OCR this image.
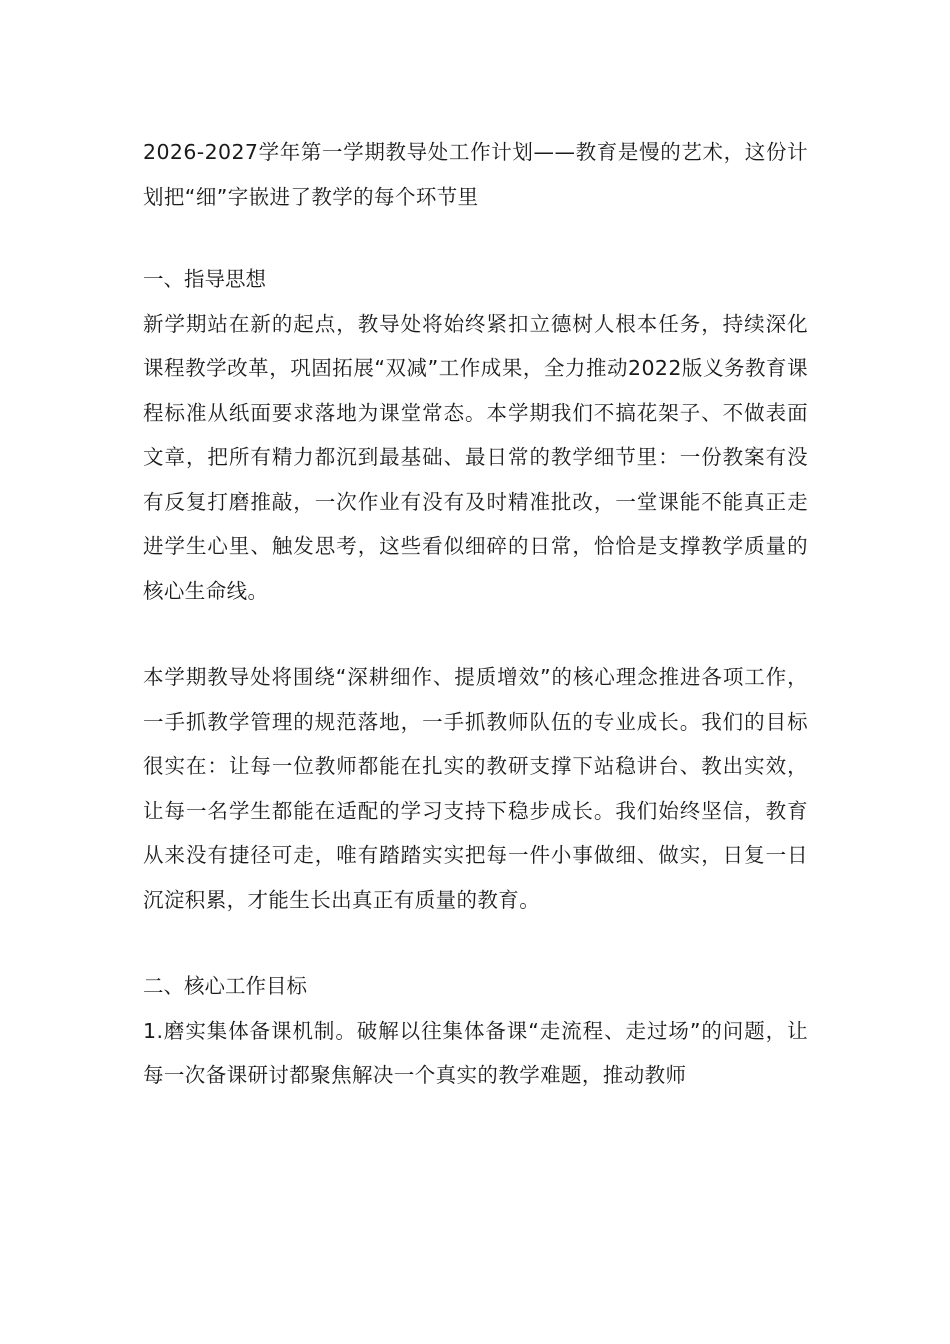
2026-2027学年第一学期教导处工作计划——教育是慢的艺术，这份计划把“细”字嵌进了教学的每个环节里

一、指导思想

新学期站在新的起点，教导处将始终紧扣立德树人根本任务，持续深化课程教学改革，巩固拓展“双减”工作成果，全力推动2022版义务教育课程标准从纸面要求落地为课堂常态。本学期我们不搞花架子、不做表面文章，把所有精力都沉到最基础、最日常的教学细节里：一份教案有没有反复打磨推敲，一次作业有没有及时精准批改，一堂课能不能真正走进学生心里、触发思考，这些看似细碎的日常，恰恰是支撑教学质量的核心生命线。

本学期教导处将围绕“深耕细作、提质增效”的核心理念推进各项工作，一手抓教学管理的规范落地，一手抓教师队伍的专业成长。我们的目标很实在：让每一位教师都能在扎实的教研支撑下站稳讲台、教出实效，让每一名学生都能在适配的学习支持下稳步成长。我们始终坚信，教育从来没有捷径可走，唯有踏踏实实把每一件小事做细、做实，日复一日沉淀积累，才能生长出真正有质量的教育。

二、核心工作目标

1.磨实集体备课机制。破解以往集体备课“走流程、走过场”的问题，让每一次备课研讨都聚焦解决一个真实的教学难题，推动教师
